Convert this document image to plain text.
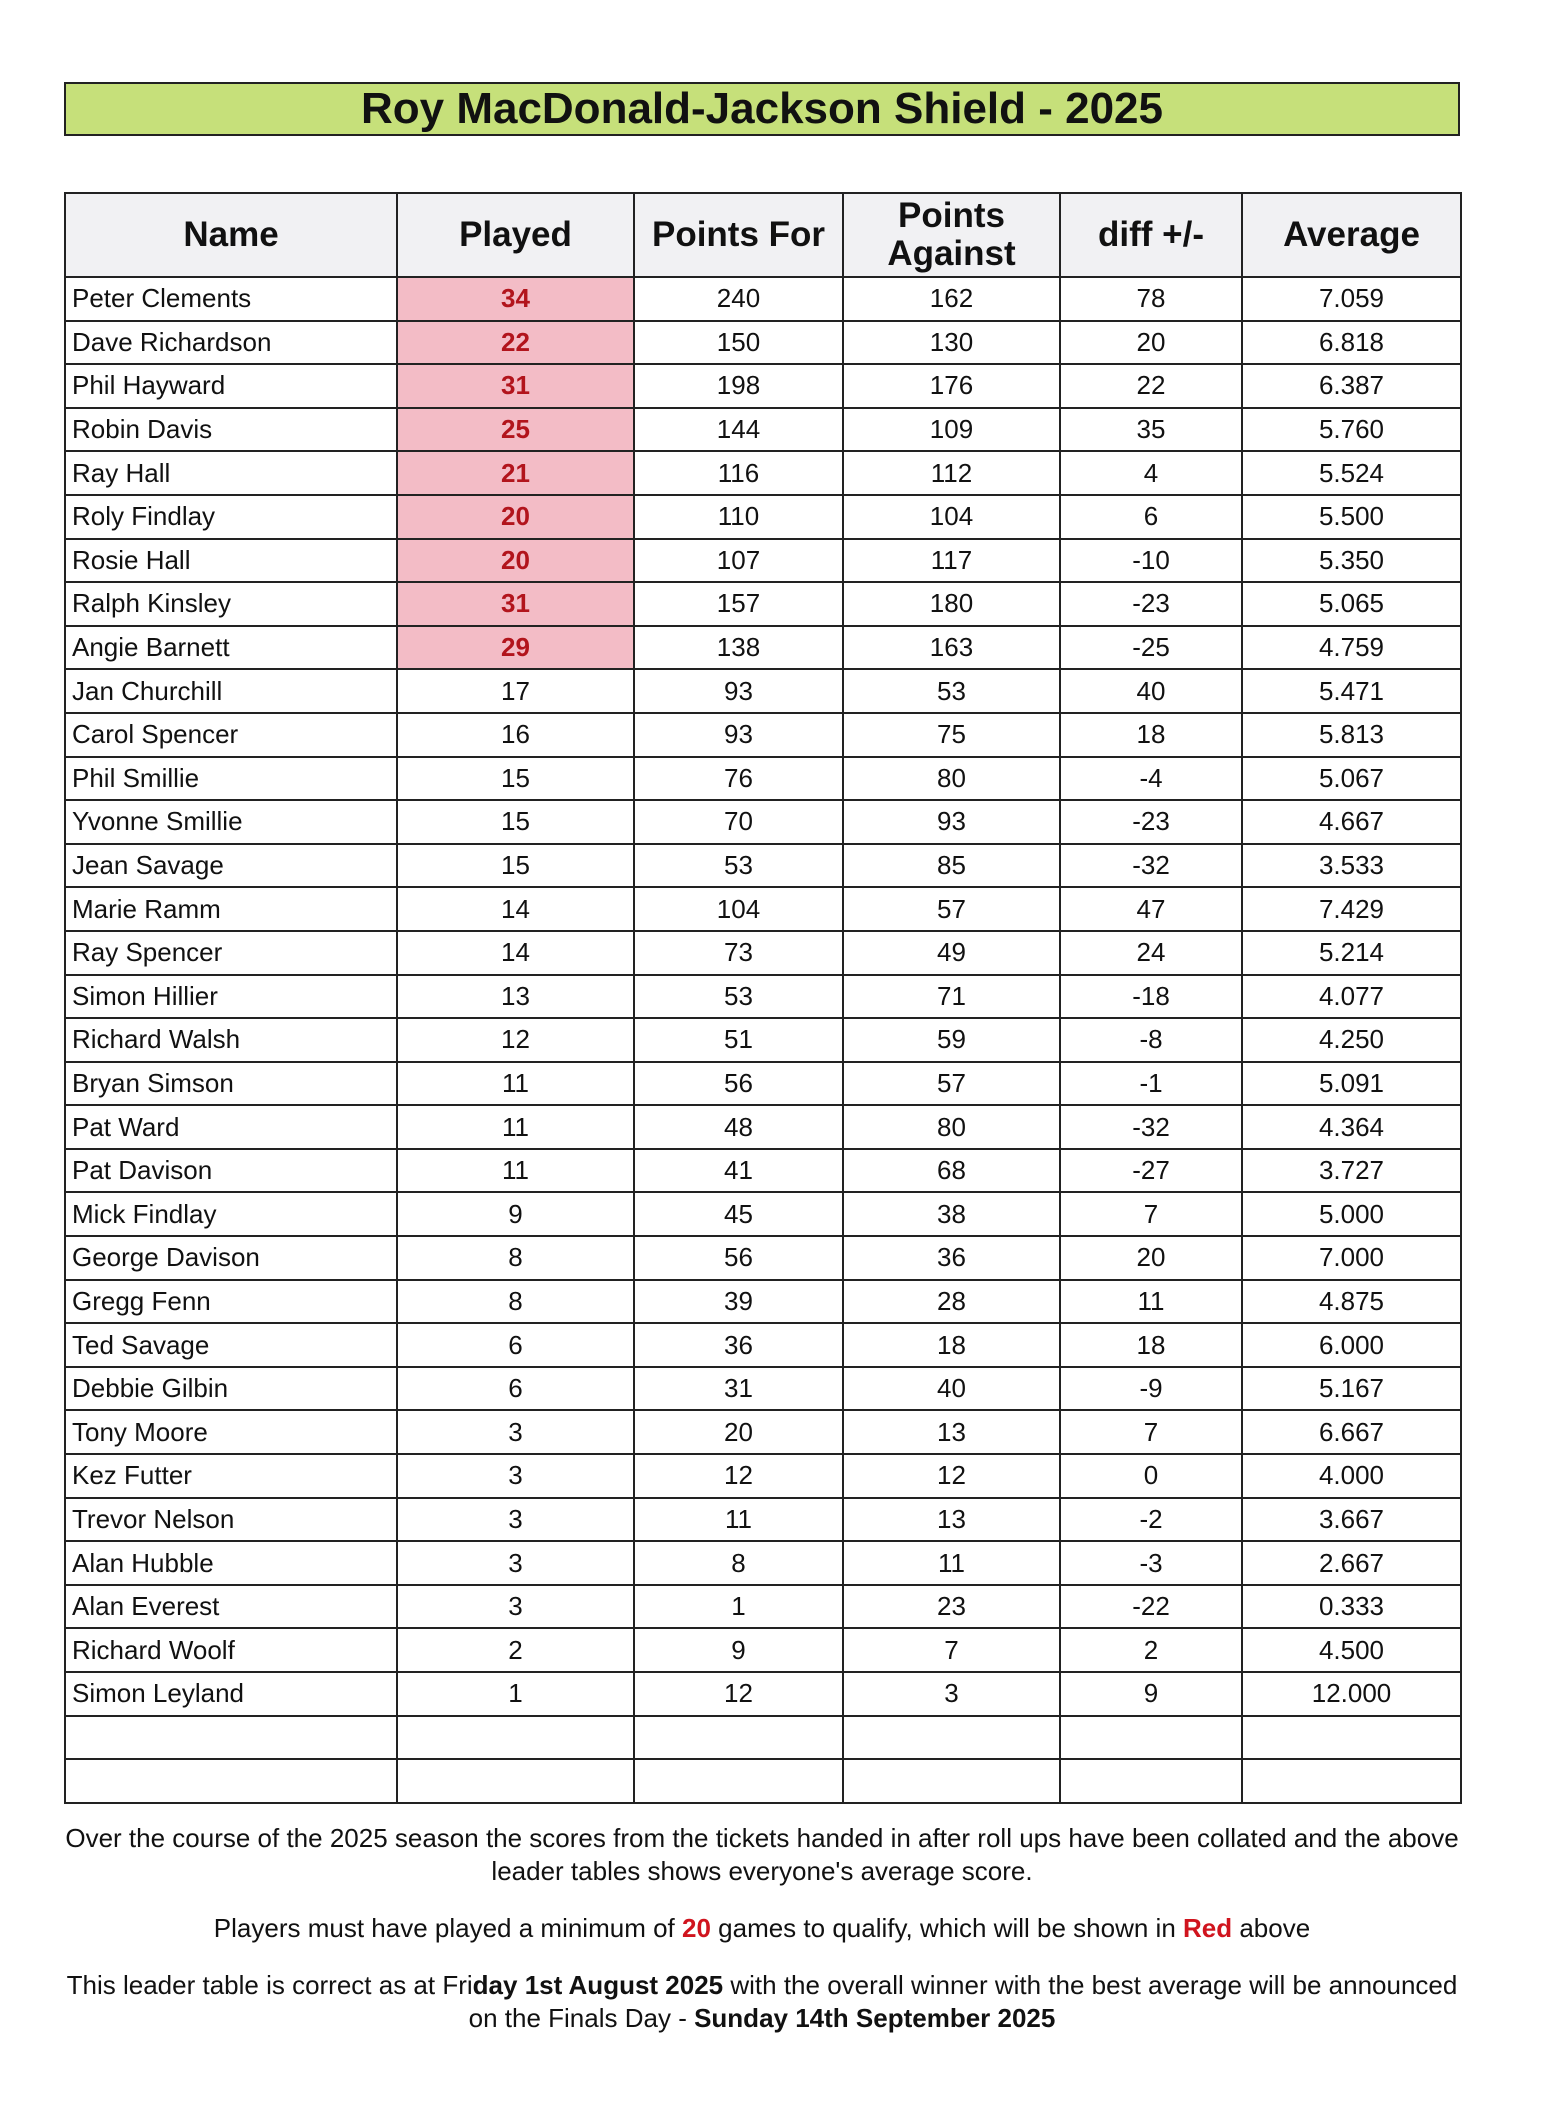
Roy MacDonald-Jackson Shield - 2025
Name	Played	Points For	Points Against	diff +/-	Average
Peter Clements	34	240	162	78	7.059
Dave Richardson	22	150	130	20	6.818
Phil Hayward	31	198	176	22	6.387
Robin Davis	25	144	109	35	5.760
Ray Hall	21	116	112	4	5.524
Roly Findlay	20	110	104	6	5.500
Rosie Hall	20	107	117	-10	5.350
Ralph Kinsley	31	157	180	-23	5.065
Angie Barnett	29	138	163	-25	4.759
Jan Churchill	17	93	53	40	5.471
Carol Spencer	16	93	75	18	5.813
Phil Smillie	15	76	80	-4	5.067
Yvonne Smillie	15	70	93	-23	4.667
Jean Savage	15	53	85	-32	3.533
Marie Ramm	14	104	57	47	7.429
Ray Spencer	14	73	49	24	5.214
Simon Hillier	13	53	71	-18	4.077
Richard Walsh	12	51	59	-8	4.250
Bryan Simson	11	56	57	-1	5.091
Pat Ward	11	48	80	-32	4.364
Pat Davison	11	41	68	-27	3.727
Mick Findlay	9	45	38	7	5.000
George Davison	8	56	36	20	7.000
Gregg Fenn	8	39	28	11	4.875
Ted Savage	6	36	18	18	6.000
Debbie Gilbin	6	31	40	-9	5.167
Tony Moore	3	20	13	7	6.667
Kez Futter	3	12	12	0	4.000
Trevor Nelson	3	11	13	-2	3.667
Alan Hubble	3	8	11	-3	2.667
Alan Everest	3	1	23	-22	0.333
Richard Woolf	2	9	7	2	4.500
Simon Leyland	1	12	3	9	12.000

Over the course of the 2025 season the scores from the tickets handed in after roll ups have been collated and the above leader tables shows everyone's average score.

Players must have played a minimum of 20 games to qualify, which will be shown in Red above

This leader table is correct as at Friday 1st August 2025 with the overall winner with the best average will be announced on the Finals Day - Sunday 14th September 2025
